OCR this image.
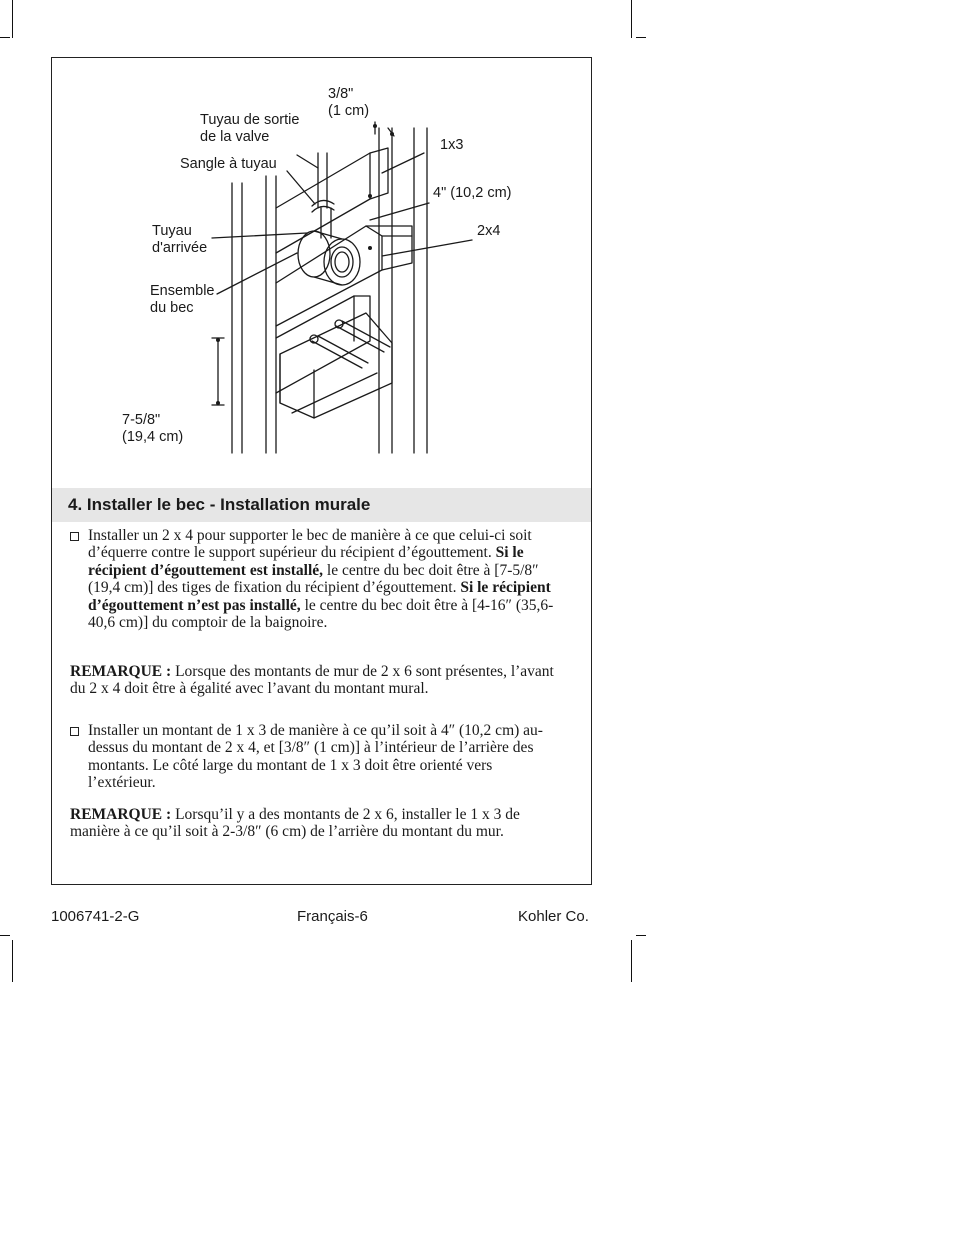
3/8"
(1 cm)
Tuyau de sortie
de la valve
Sangle à tuyau
1x3
4" (10,2 cm)
2x4
Tuyau
d'arrivée
Ensemble
du bec
7-5/8"
(19,4 cm)
4. Installer le bec - Installation murale
Installer un 2 x 4 pour supporter le bec de manière à ce que celui-ci soit d’équerre contre le support supérieur du récipient d’égouttement. Si le récipient d’égouttement est installé, le centre du bec doit être à [7-5/8″ (19,4 cm)] des tiges de fixation du récipient d’égouttement. Si le récipient d’égouttement n’est pas installé, le centre du bec doit être à [4-16″ (35,6-40,6 cm)] du comptoir de la baignoire.
REMARQUE : Lorsque des montants de mur de 2 x 6 sont présentes, l’avant du 2 x 4 doit être à égalité avec l’avant du montant mural.
Installer un montant de 1 x 3 de manière à ce qu’il soit à 4″ (10,2 cm) au-dessus du montant de 2 x 4, et [3/8″ (1 cm)] à l’intérieur de l’arrière des montants. Le côté large du montant de 1 x 3 doit être orienté vers l’extérieur.
REMARQUE : Lorsqu’il y a des montants de 2 x 6, installer le 1 x 3 de manière à ce qu’il soit à 2-3/8″ (6 cm) de l’arrière du montant du mur.
1006741-2-G	Français-6	Kohler Co.
